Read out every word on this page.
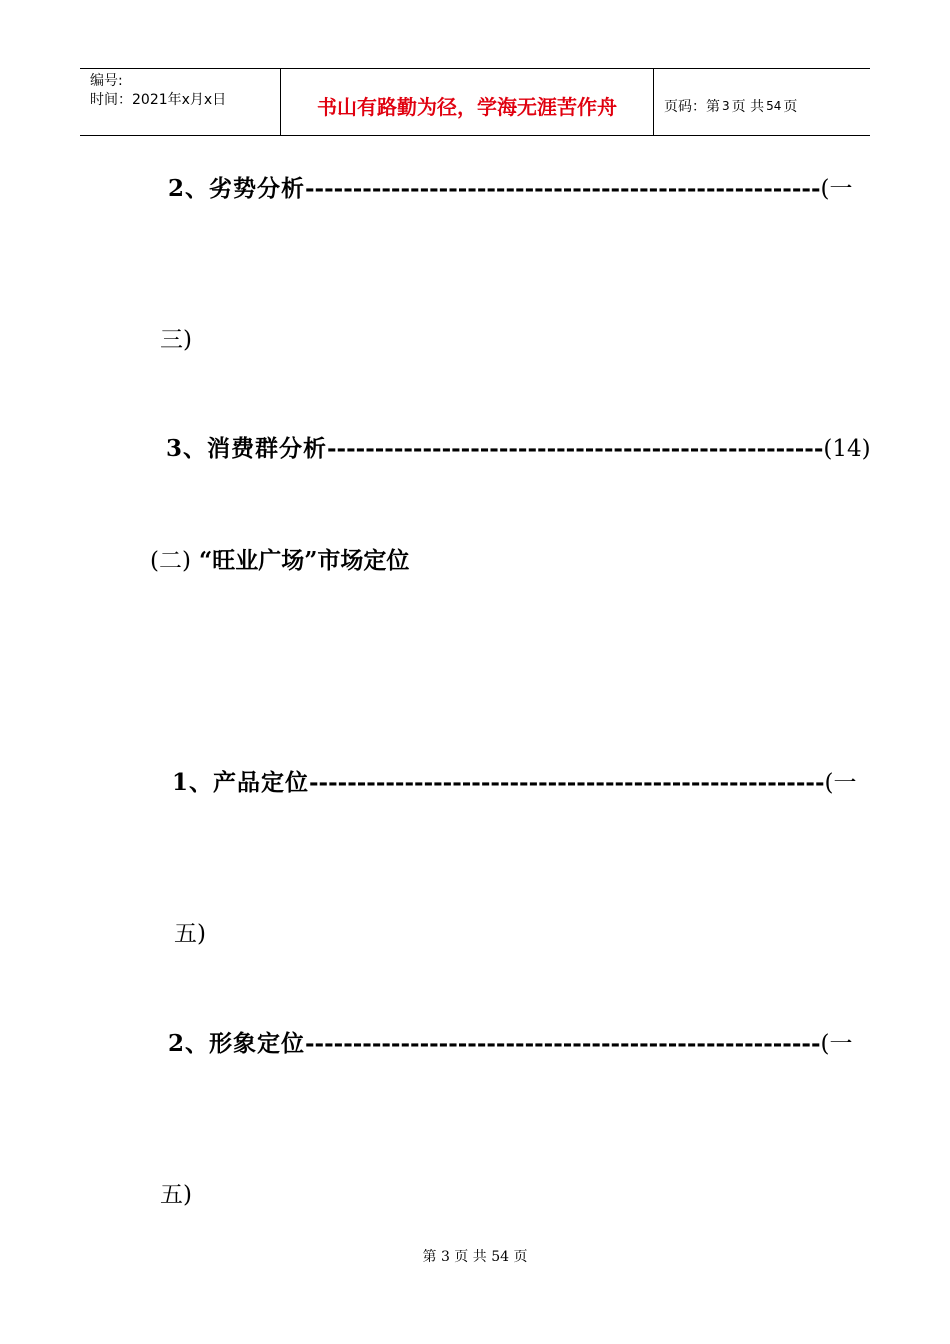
编号:
时间：2021年x月x日	书山有路勤为径，学海无涯苦作舟	页码：第 3 页 共 54 页
2、劣势分析------------------------------------------------------(一
三)
3、消费群分析----------------------------------------------------(14)
(二) “旺业广场”市场定位
1、产品定位------------------------------------------------------(一
五)
2、形象定位------------------------------------------------------(一
五)
第 3 页 共 54 页
